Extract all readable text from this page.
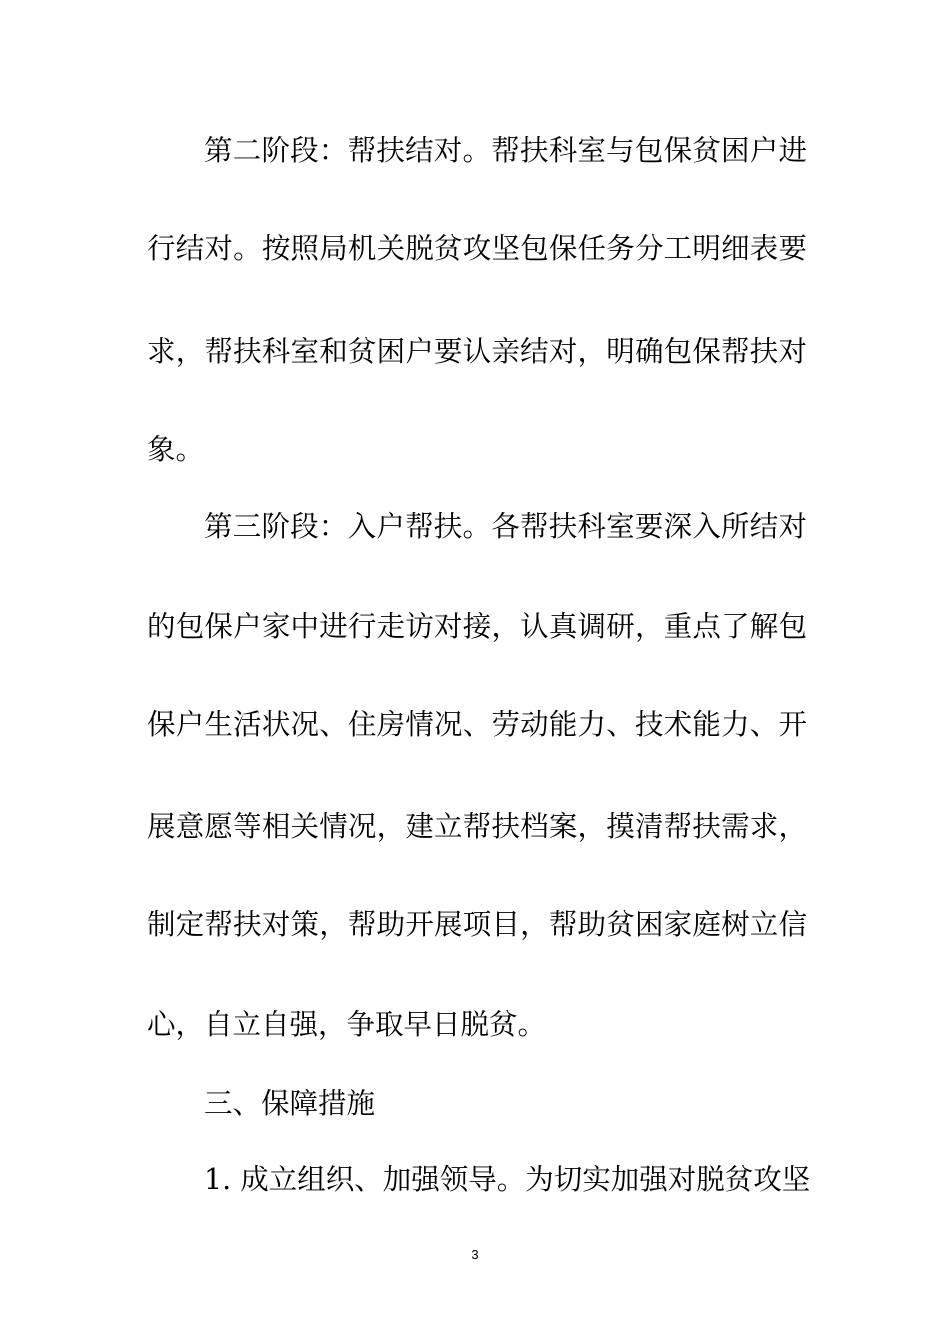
第二阶段：帮扶结对。帮扶科室与包保贫困户进
行结对。按照局机关脱贫攻坚包保任务分工明细表要
求，帮扶科室和贫困户要认亲结对，明确包保帮扶对
象。
第三阶段：入户帮扶。各帮扶科室要深入所结对
的包保户家中进行走访对接，认真调研，重点了解包
保户生活状况、住房情况、劳动能力、技术能力、开
展意愿等相关情况，建立帮扶档案，摸清帮扶需求，
制定帮扶对策，帮助开展项目，帮助贫困家庭树立信
心，自立自强，争取早日脱贫。
三、保障措施
1. 成立组织、加强领导。为切实加强对脱贫攻坚
3
